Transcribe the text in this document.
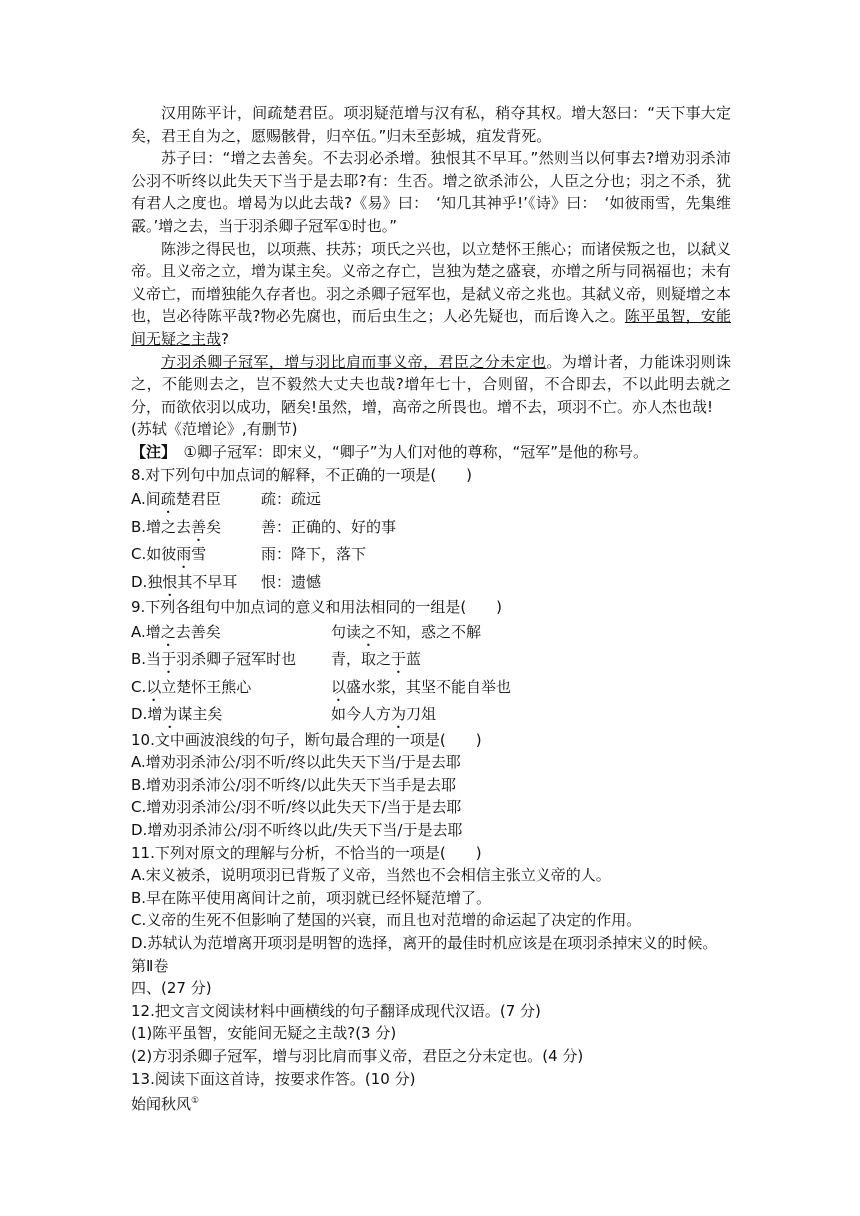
汉用陈平计，间疏楚君臣。项羽疑范增与汉有私，稍夺其权。增大怒曰：“天下事大定矣，君王自为之，愿赐骸骨，归卒伍。”归未至彭城，疽发背死。

苏子曰：“增之去善矣。不去羽必杀增。独恨其不早耳。”然则当以何事去?增劝羽杀沛公羽不听终以此失天下当于是去耶?有：生否。增之欲杀沛公，人臣之分也；羽之不杀，犹有君人之度也。增曷为以此去哉?《易》曰：　‘知几其神乎!’《诗》曰：　‘如彼雨雪，先集维霰。’增之去，当于羽杀卿子冠军①时也。”

陈涉之得民也，以项燕、扶苏；项氏之兴也，以立楚怀王熊心；而诸侯叛之也，以弑义帝。且义帝之立，增为谋主矣。义帝之存亡，岂独为楚之盛衰，亦增之所与同祸福也；未有义帝亡，而增独能久存者也。羽之杀卿子冠军也，是弑义帝之兆也。其弑义帝，则疑增之本也，岂必待陈平哉?物必先腐也，而后虫生之；人必先疑也，而后谗入之。陈平虽智，安能间无疑之主哉?

方羽杀卿子冠军，增与羽比肩而事义帝，君臣之分未定也。为增计者，力能诛羽则诛之，不能则去之，岂不毅然大丈夫也哉?增年七十，合则留，不合即去，不以此明去就之分，而欲依羽以成功，陋矣!虽然，增，高帝之所畏也。增不去，项羽不亡。亦人杰也哉!

(苏轼《范增论》,有删节)

【注】　①卿子冠军：即宋义，“卿子”为人们对他的尊称，“冠军”是他的称号。

8.对下列句中加点词的解释，不正确的一项是(　　)

A.间疏楚君臣	疏：疏远

B.增之去善矣	善：正确的、好的事

C.如彼雨雪	雨：降下，落下

D.独恨其不早耳 恨：遗憾

9.下列各组句中加点词的意义和用法相同的一组是(　　)

A.增之去善矣	句读之不知，惑之不解

B.当于羽杀卿子冠军时也 青，取之于蓝

C.以立楚怀王熊心	以盛水浆，其坚不能自举也

D.增为谋主矣	如今人方为刀俎

10.文中画波浪线的句子，断句最合理的一项是(　　)

A.增劝羽杀沛公/羽不听/终以此失天下当/于是去耶

B.增劝羽杀沛公/羽不听终/以此失天下当手是去耶

C.增劝羽杀沛公/羽不听/终以此失天下/当于是去耶

D.增劝羽杀沛公/羽不听终以此/失天下当/于是去耶

11.下列对原文的理解与分析，不恰当的一项是(　　)

A.宋义被杀，说明项羽已背叛了义帝，当然也不会相信主张立义帝的人。

B.早在陈平使用离间计之前，项羽就已经怀疑范增了。

C.义帝的生死不但影响了楚国的兴衰，而且也对范增的命运起了决定的作用。

D.苏轼认为范增离开项羽是明智的选择，离开的最佳时机应该是在项羽杀掉宋义的时候。

第Ⅱ卷

四、(27 分)

12.把文言文阅读材料中画横线的句子翻译成现代汉语。(7 分)

(1)陈平虽智，安能间无疑之主哉?(3 分)

(2)方羽杀卿子冠军，增与羽比肩而事义帝，君臣之分未定也。(4 分)

13.阅读下面这首诗，按要求作答。(10 分)

始闻秋风①
